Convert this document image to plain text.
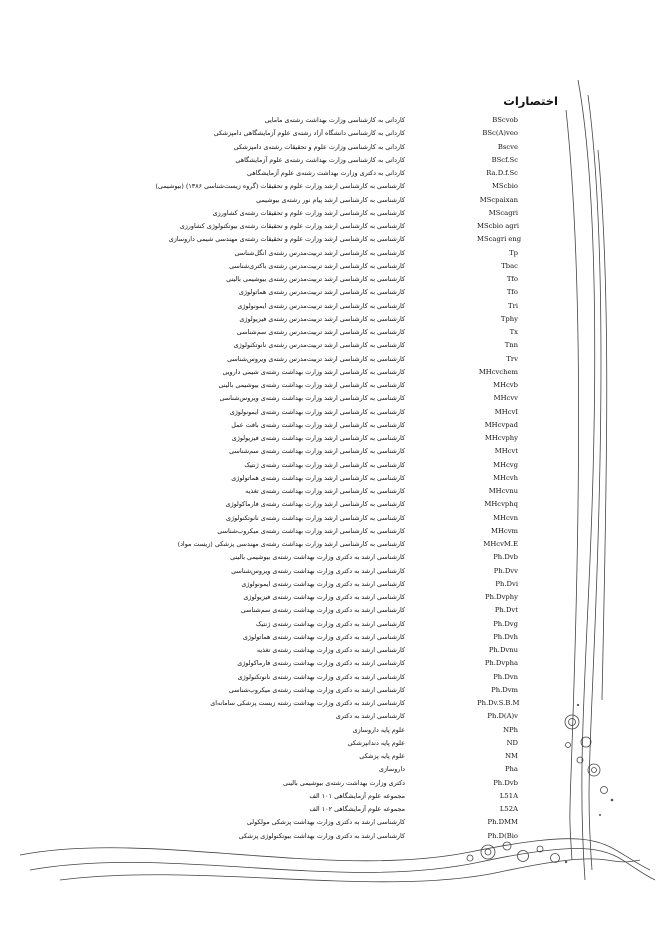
اختصارات
کاردانی به کارشناسی وزارت بهداشت رشته‌ی مامایی	BScvob
کاردانی به کارشناسی دانشگاه آزاد رشته‌ی علوم آزمایشگاهی دامپزشکی	BSc(A)veo
کاردانی به کارشناسی وزارت علوم و تحقیقات رشته‌ی دامپزشکی	Bscve
کاردانی به کارشناسی وزارت بهداشت رشته‌ی علوم آزمایشگاهی	BScf.Sc
کاردانی به دکتری وزارت بهداشت رشته‌ی علوم آزمایشگاهی	Ra.D.f.Sc
کارشناسی به کارشناسی ارشد وزارت علوم و تحقیقات (گروه زیست‌شناسی ۱۳۸۶) (بیوشیمی)	MScbio
کارشناسی به کارشناسی ارشد پیام نور رشته‌ی بیوشیمی	MScpaixan
کارشناسی به کارشناسی ارشد وزارت علوم و تحقیقات رشته‌ی کشاورزی	MScagri
کارشناسی به کارشناسی ارشد وزارت علوم و تحقیقات رشته‌ی بیوتکنولوژی کشاورزی	MScbio agri
کارشناسی به کارشناسی ارشد وزارت علوم و تحقیقات رشته‌ی مهندسی شیمی داروسازی	MScagri eng
کارشناسی به کارشناسی ارشد تربیت‌مدرس رشته‌ی انگل‌شناسی	Tp
کارشناسی به کارشناسی ارشد تربیت‌مدرس رشته‌ی باکتری‌شناسی	Tbac
کارشناسی به کارشناسی ارشد تربیت‌مدرس رشته‌ی بیوشیمی بالینی	Tfo
کارشناسی به کارشناسی ارشد تربیت‌مدرس رشته‌ی هماتولوژی	Tfo
کارشناسی به کارشناسی ارشد تربیت‌مدرس رشته‌ی ایمونولوژی	Tri
کارشناسی به کارشناسی ارشد تربیت‌مدرس رشته‌ی فیزیولوژی	Tphy
کارشناسی به کارشناسی ارشد تربیت‌مدرس رشته‌ی سم‌شناسی	Tx
کارشناسی به کارشناسی ارشد تربیت‌مدرس رشته‌ی نانوتکنولوژی	Tnn
کارشناسی به کارشناسی ارشد تربیت‌مدرس رشته‌ی ویروس‌شناسی	Trv
کارشناسی به کارشناسی ارشد وزارت بهداشت رشته‌ی شیمی دارویی	MHcvchem
کارشناسی به کارشناسی ارشد وزارت بهداشت رشته‌ی بیوشیمی بالینی	MHcvb
کارشناسی به کارشناسی ارشد وزارت بهداشت رشته‌ی ویروس‌شناسی	MHcvv
کارشناسی به کارشناسی ارشد وزارت بهداشت رشته‌ی ایمونولوژی	MHcvI
کارشناسی به کارشناسی ارشد وزارت بهداشت رشته‌ی بافت عمل	MHcvpad
کارشناسی به کارشناسی ارشد وزارت بهداشت رشته‌ی فیزیولوژی	MHcvphy
کارشناسی به کارشناسی ارشد وزارت بهداشت رشته‌ی سم‌شناسی	MHcvt
کارشناسی به کارشناسی ارشد وزارت بهداشت رشته‌ی ژنتیک	MHcvg
کارشناسی به کارشناسی ارشد وزارت بهداشت رشته‌ی هماتولوژی	MHcvh
کارشناسی به کارشناسی ارشد وزارت بهداشت رشته‌ی تغذیه	MHcvnu
کارشناسی به کارشناسی ارشد وزارت بهداشت رشته‌ی فارماکولوژی	MHcvphq
کارشناسی به کارشناسی ارشد وزارت بهداشت رشته‌ی نانوتکنولوژی	MHcvn
کارشناسی به کارشناسی ارشد وزارت بهداشت رشته‌ی میکروب‌شناسی	MHcvm
کارشناسی به کارشناسی ارشد وزارت بهداشت رشته‌ی مهندسی پزشکی (زیست مواد)	MHcvM.E
کارشناسی ارشد به دکتری وزارت بهداشت رشته‌ی بیوشیمی بالینی	Ph.Dvb
کارشناسی ارشد به دکتری وزارت بهداشت رشته‌ی ویروس‌شناسی	Ph.Dvv
کارشناسی ارشد به دکتری وزارت بهداشت رشته‌ی ایمونولوژی	Ph.Dvi
کارشناسی ارشد به دکتری وزارت بهداشت رشته‌ی فیزیولوژی	Ph.Dvphy
کارشناسی ارشد به دکتری وزارت بهداشت رشته‌ی سم‌شناسی	Ph.Dvt
کارشناسی ارشد به دکتری وزارت بهداشت رشته‌ی ژنتیک	Ph.Dvg
کارشناسی ارشد به دکتری وزارت بهداشت رشته‌ی هماتولوژی	Ph.Dvh
کارشناسی ارشد به دکتری وزارت بهداشت رشته‌ی تغذیه	Ph.Dvnu
کارشناسی ارشد به دکتری وزارت بهداشت رشته‌ی فارماکولوژی	Ph.Dvpha
کارشناسی ارشد به دکتری وزارت بهداشت رشته‌ی نانوتکنولوژی	Ph.Dvn
کارشناسی ارشد به دکتری وزارت بهداشت رشته‌ی میکروب‌شناسی	Ph.Dvm
کارشناسی ارشد به دکتری وزارت بهداشت رشته زیست پزشکی سامانه‌ای	Ph.Dv.S.B.M
کارشناسی ارشد به دکتری	Ph.D(A)v
علوم پایه داروسازی	NPh
علوم پایه دندانپزشکی	ND
علوم پایه پزشکی	NM
داروسازی	Pha
دکتری وزارت بهداشت رشته‌ی بیوشیمی بالینی	Ph.Dvb
مجموعه علوم آزمایشگاهی ۱۰۱ الف	L51A
مجموعه علوم آزمایشگاهی ۱۰۲ الف	L52A
کارشناسی ارشد به دکتری وزارت بهداشت پزشکی مولکولی	Ph.DMM
کارشناسی ارشد به دکتری وزارت بهداشت بیوتکنولوژی پزشکی	Ph.D(Bio
